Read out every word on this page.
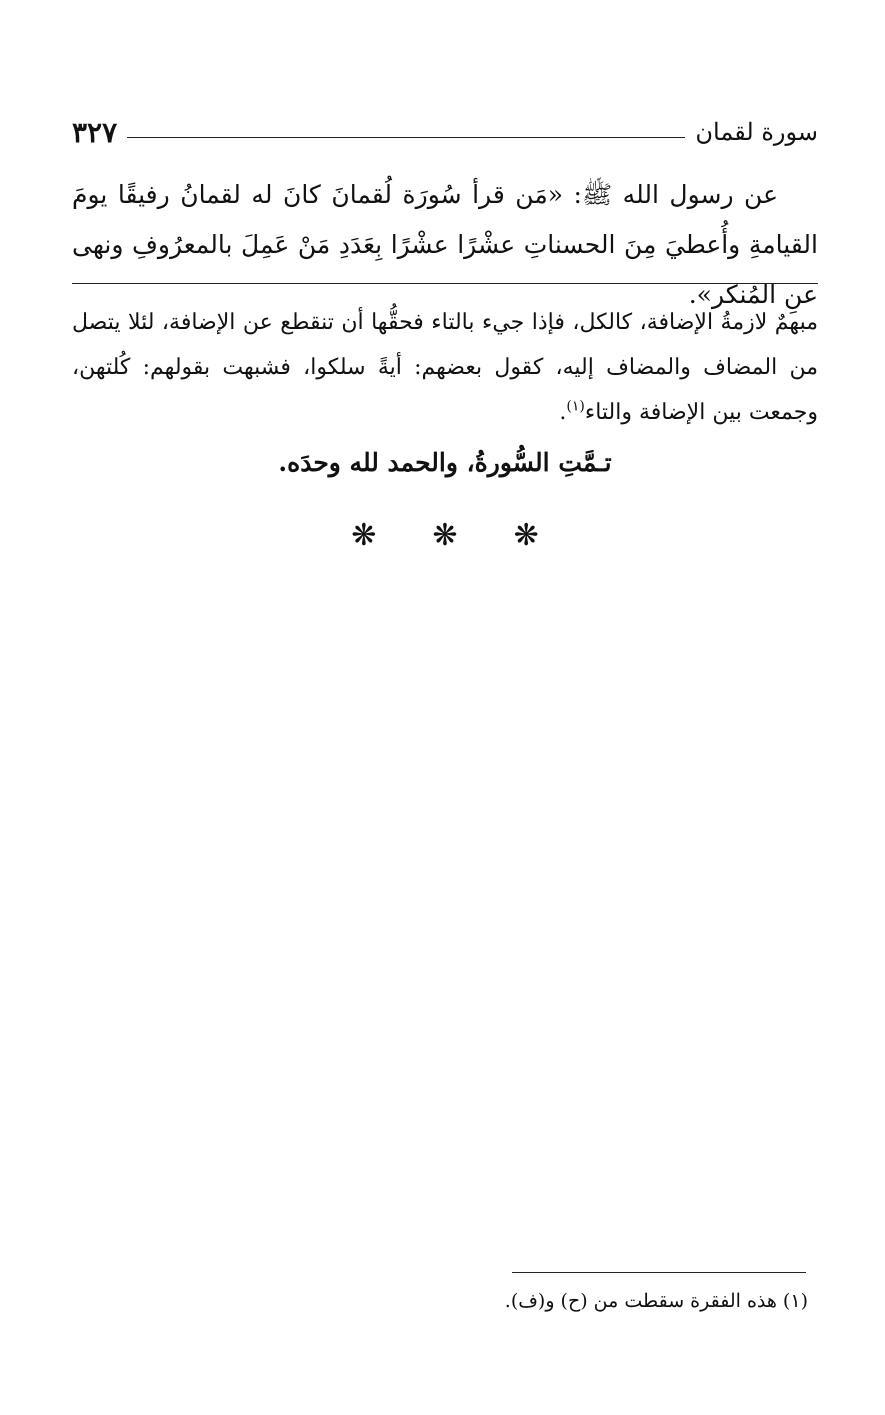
سورة لقمان
٣٢٧

عن رسول الله ﷺ: «مَن قرأ سُورَة لُقمانَ كانَ له لقمانُ رفيقًا يومَ القيامةِ وأُعطيَ مِنَ الحسناتِ عشْرًا عشْرًا بِعَدَدِ مَنْ عَمِلَ بالمعرُوفِ ونهى عنِ المُنكر».

مبهمٌ لازمةُ الإضافة، كالكل، فإذا جيء بالتاء فحقُّها أن تنقطع عن الإضافة، لئلا يتصل من المضاف والمضاف إليه، كقول بعضهم: أيةً سلكوا، فشبهت بقولهم: كُلتهن، وجمعت بين الإضافة والتاء$^{(١)}$.

تـمَّتِ السُّورةُ، والحمد لله وحدَه.
❋ ❋ ❋
(١) هذه الفقرة سقطت من (ح) و(ف).
